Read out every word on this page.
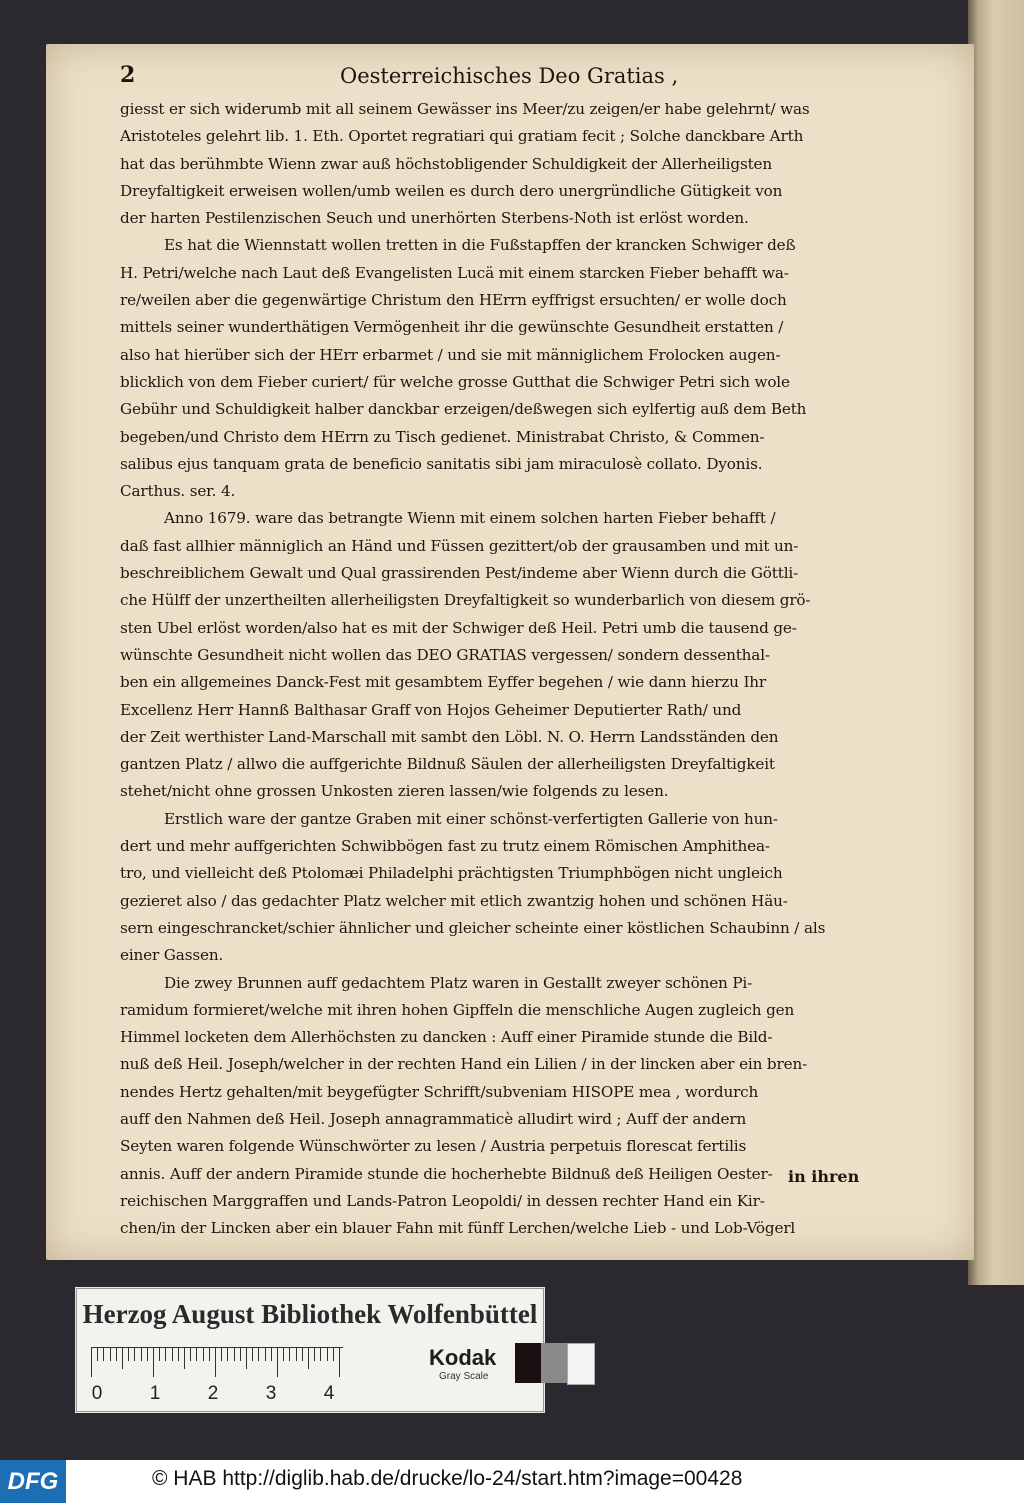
2	Oesterreichisches Deo Gratias ,
giesst er sich widerumb mit all seinem Gewässer ins Meer/zu zeigen/er habe gelehrnt/ was
Aristoteles gelehrt lib. 1. Eth. Oportet regratiari qui gratiam fecit ; Solche danckbare Arth
hat das berühmbte Wienn zwar auß höchstobligender Schuldigkeit der Allerheiligsten
Dreyfaltigkeit erweisen wollen/umb weilen es durch dero unergründliche Gütigkeit von
der harten Pestilenzischen Seuch und unerhörten Sterbens-Noth ist erlöst worden.
Es hat die Wiennstatt wollen tretten in die Fußstapffen der krancken Schwiger deß
H. Petri/welche nach Laut deß Evangelisten Lucä mit einem starcken Fieber behafft wa-
re/weilen aber die gegenwärtige Christum den HErrn eyffrigst ersuchten/ er wolle doch
mittels seiner wunderthätigen Vermögenheit ihr die gewünschte Gesundheit erstatten /
also hat hierüber sich der HErr erbarmet / und sie mit männiglichem Frolocken augen-
blicklich von dem Fieber curiert/ für welche grosse Gutthat die Schwiger Petri sich wole
Gebühr und Schuldigkeit halber danckbar erzeigen/deßwegen sich eylfertig auß dem Beth
begeben/und Christo dem HErrn zu Tisch gedienet. Ministrabat Christo, & Commen-
salibus ejus tanquam grata de beneficio sanitatis sibi jam miraculosè collato. Dyonis.
Carthus. ser. 4.
Anno 1679. ware das betrangte Wienn mit einem solchen harten Fieber behafft /
daß fast allhier männiglich an Händ und Füssen gezittert/ob der grausamben und mit un-
beschreiblichem Gewalt und Qual grassirenden Pest/indeme aber Wienn durch die Göttli-
che Hülff der unzertheilten allerheiligsten Dreyfaltigkeit so wunderbarlich von diesem grö-
sten Ubel erlöst worden/also hat es mit der Schwiger deß Heil. Petri umb die tausend ge-
wünschte Gesundheit nicht wollen das DEO GRATIAS vergessen/ sondern dessenthal-
ben ein allgemeines Danck-Fest mit gesambtem Eyffer begehen / wie dann hierzu Ihr
Excellenz Herr Hannß Balthasar Graff von Hojos Geheimer Deputierter Rath/ und
der Zeit werthister Land-Marschall mit sambt den Löbl. N. O. Herrn Landsständen den
gantzen Platz / allwo die auffgerichte Bildnuß Säulen der allerheiligsten Dreyfaltigkeit
stehet/nicht ohne grossen Unkosten zieren lassen/wie folgends zu lesen.
Erstlich ware der gantze Graben mit einer schönst-verfertigten Gallerie von hun-
dert und mehr auffgerichten Schwibbögen fast zu trutz einem Römischen Amphithea-
tro, und vielleicht deß Ptolomæi Philadelphi prächtigsten Triumphbögen nicht ungleich
gezieret also / das gedachter Platz welcher mit etlich zwantzig hohen und schönen Häu-
sern eingeschrancket/schier ähnlicher und gleicher scheinte einer köstlichen Schaubinn / als
einer Gassen.
Die zwey Brunnen auff gedachtem Platz waren in Gestallt zweyer schönen Pi-
ramidum formieret/welche mit ihren hohen Gipffeln die menschliche Augen zugleich gen
Himmel locketen dem Allerhöchsten zu dancken : Auff einer Piramide stunde die Bild-
nuß deß Heil. Joseph/welcher in der rechten Hand ein Lilien / in der lincken aber ein bren-
nendes Hertz gehalten/mit beygefügter Schrifft/subveniam HISOPE mea , wordurch
auff den Nahmen deß Heil. Joseph annagrammaticè alludirt wird ; Auff der andern
Seyten waren folgende Wünschwörter zu lesen / Austria perpetuis florescat fertilis
annis. Auff der andern Piramide stunde die hocherhebte Bildnuß deß Heiligen Oester-
reichischen Marggraffen und Lands-Patron Leopoldi/ in dessen rechter Hand ein Kir-
chen/in der Lincken aber ein blauer Fahn mit fünff Lerchen/welche Lieb - und Lob-Vögerl
in ihren
Herzog August Bibliothek Wolfenbüttel
0 1 2 3 4
Kodak
Gray Scale
DFG	© HAB http://diglib.hab.de/drucke/lo-24/start.htm?image=00428
